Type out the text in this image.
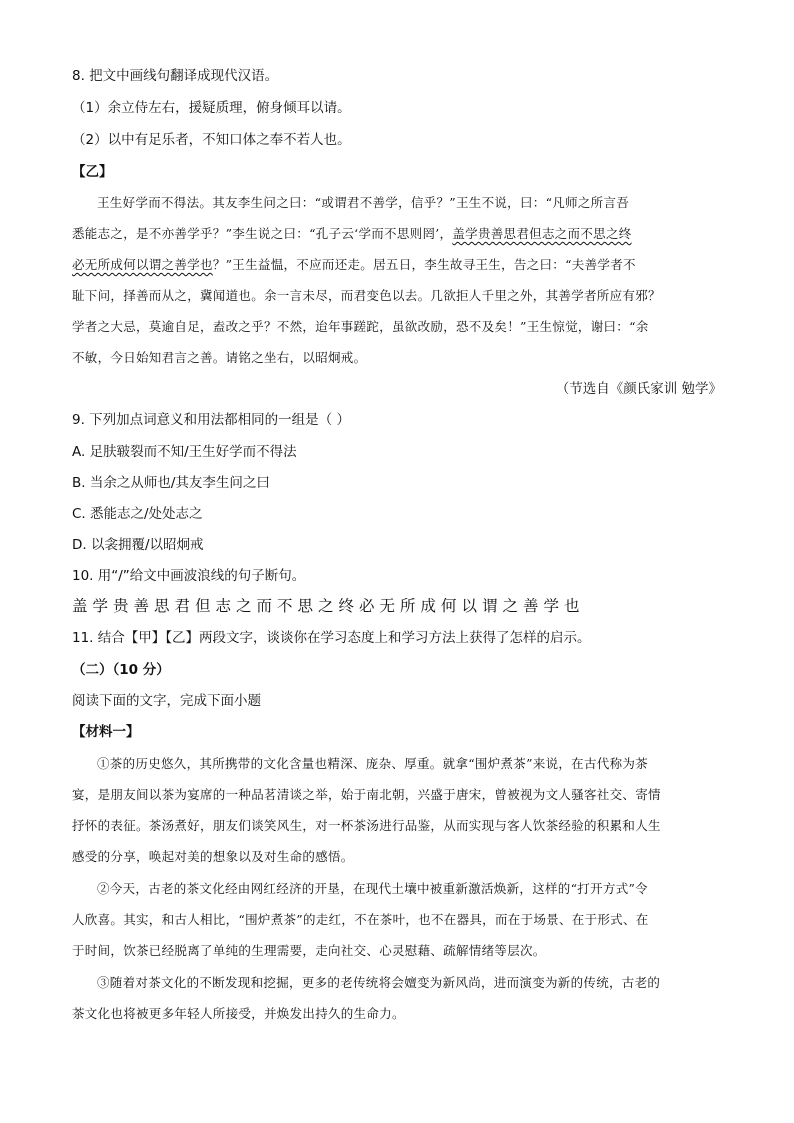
8. 把文中画线句翻译成现代汉语。
（1）余立侍左右，援疑质理，俯身倾耳以请。
（2）以中有足乐者，不知口体之奉不若人也。
【乙】
王生好学而不得法。其友李生问之曰：“或谓君不善学，信乎？”王生不说，曰：“凡师之所言吾
悉能志之，是不亦善学乎？”李生说之曰：“孔子云‘学而不思则罔’，盖学贵善思君但志之而不思之终
必无所成何以谓之善学也？”王生益愠，不应而还走。居五日，李生故寻王生，告之曰：“夫善学者不
耻下问，择善而从之，冀闻道也。余一言未尽，而君变色以去。几欲拒人千里之外，其善学者所应有邪？
学者之大忌，莫逾自足，盍改之乎？不然，迨年事蹉跎，虽欲改励，恐不及矣！”王生惊觉，谢曰：“余
不敏，今日始知君言之善。请铭之坐右，以昭炯戒。
（节选自《颜氏家训 勉学》
9. 下列加点词意义和用法都相同的一组是（ ）
A. 足肤皲裂而不知/王生好学而不得法
B. 当余之从师也/其友李生问之曰
C. 悉能志之/处处志之
D. 以衾拥覆/以昭炯戒
10. 用“/”给文中画波浪线的句子断句。
盖学贵善思君但志之而不思之终必无所成何以谓之善学也
11. 结合【甲】【乙】两段文字，谈谈你在学习态度上和学习方法上获得了怎样的启示。
（二）（10 分）
阅读下面的文字，完成下面小题
【材料一】
①茶的历史悠久，其所携带的文化含量也精深、庞杂、厚重。就拿“围炉煮茶”来说，在古代称为茶
宴，是朋友间以茶为宴席的一种品茗清谈之举，始于南北朝，兴盛于唐宋，曾被视为文人骚客社交、寄情
抒怀的表征。茶汤煮好，朋友们谈笑风生，对一杯茶汤进行品鉴，从而实现与客人饮茶经验的积累和人生
感受的分享，唤起对美的想象以及对生命的感悟。
②今天，古老的茶文化经由网红经济的开垦，在现代土壤中被重新激活焕新，这样的“打开方式”令
人欣喜。其实，和古人相比，“围炉煮茶”的走红，不在茶叶，也不在器具，而在于场景、在于形式、在
于时间，饮茶已经脱离了单纯的生理需要，走向社交、心灵慰藉、疏解情绪等层次。
③随着对茶文化的不断发现和挖掘，更多的老传统将会嬗变为新风尚，进而演变为新的传统，古老的
茶文化也将被更多年轻人所接受，并焕发出持久的生命力。
